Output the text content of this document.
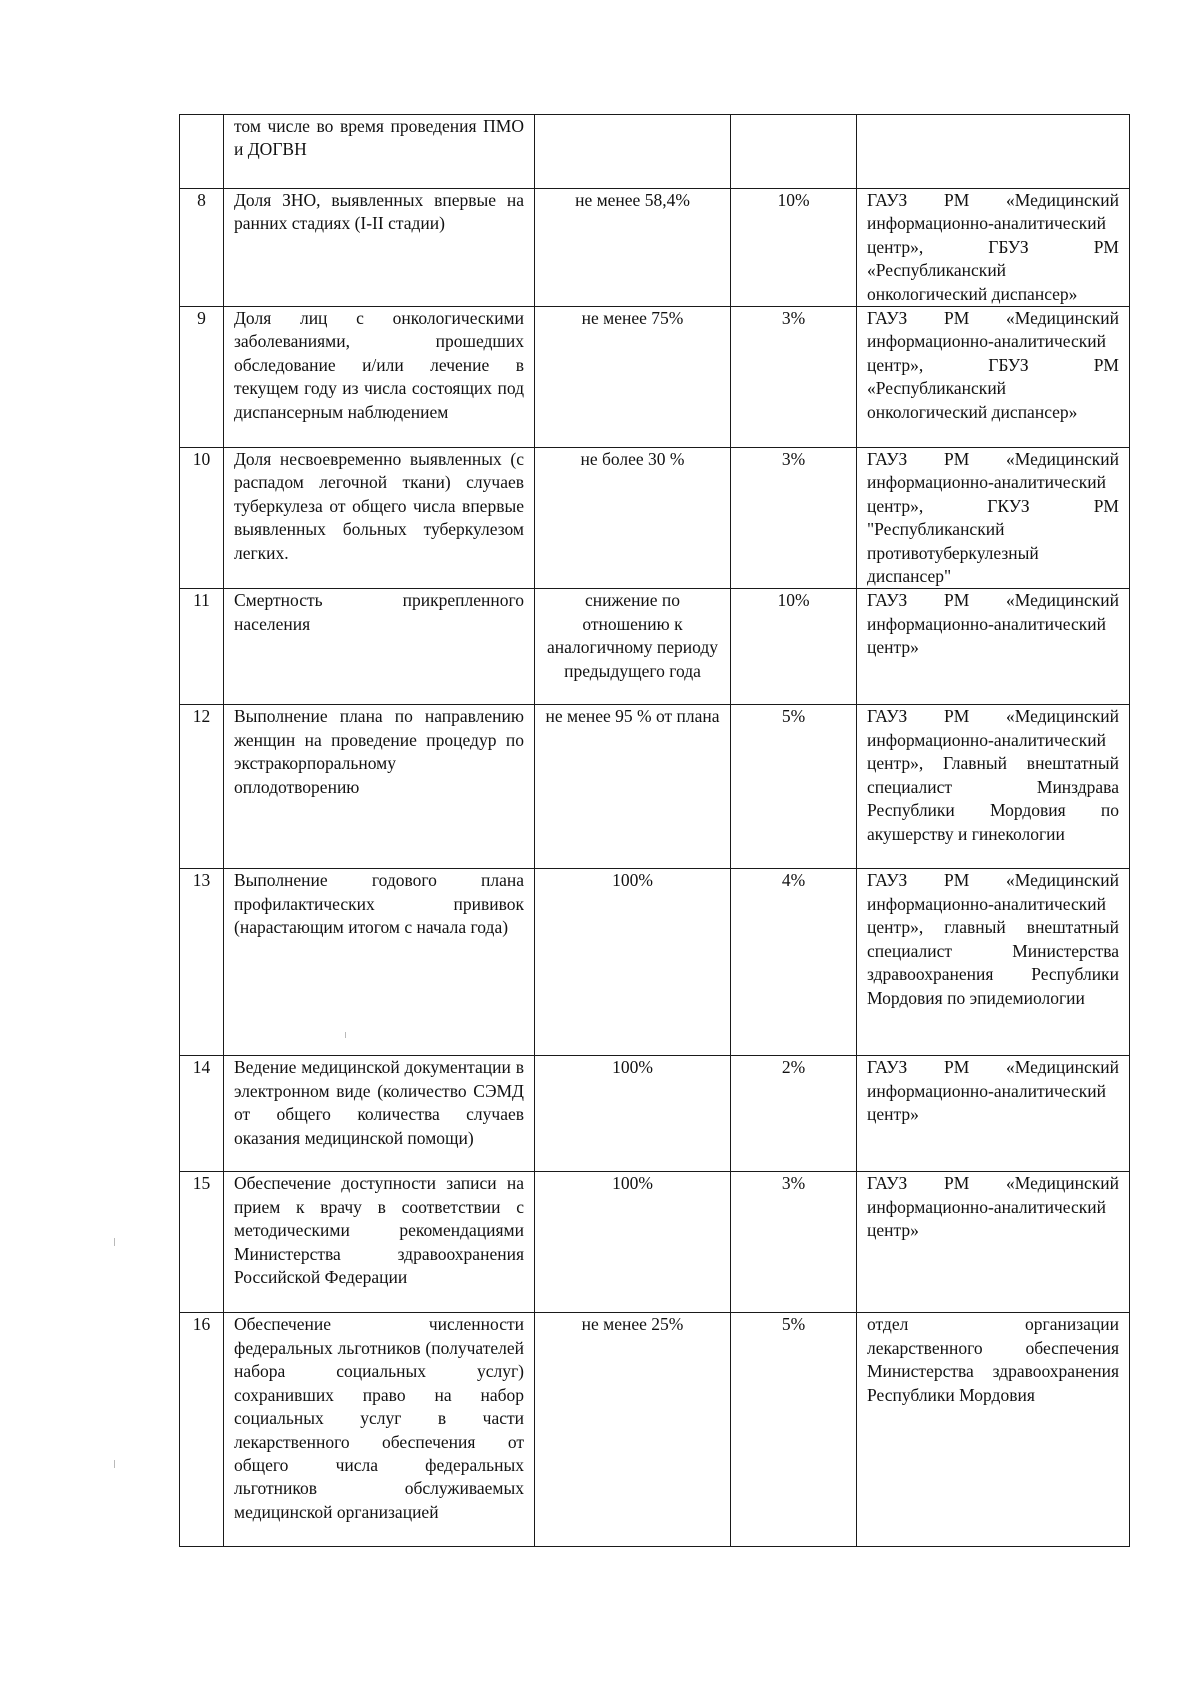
	том числе во время проведения ПМО и ДОГВН			
8	Доля ЗНО, выявленных впервые на ранних стадиях (I-II стадии)	не менее 58,4%	10%	ГАУЗ РМ «Медицинский информационно-аналитический центр», ГБУЗ РМ «Республиканский онкологический диспансер»
9	Доля лиц с онкологическими заболеваниями, прошедших обследование и/или лечение в текущем году из числа состоящих под диспансерным наблюдением	не менее 75%	3%	ГАУЗ РМ «Медицинский информационно-аналитический центр», ГБУЗ РМ «Республиканский онкологический диспансер»
10	Доля несвоевременно выявленных (с распадом легочной ткани) случаев туберкулеза от общего числа впервые выявленных больных туберкулезом легких.	не более 30 %	3%	ГАУЗ РМ «Медицинский информационно-аналитический центр», ГКУЗ РМ "Республиканский противотуберкулезный диспансер"
11	Смертность прикрепленного населения	снижение по отношению к аналогичному периоду предыдущего года	10%	ГАУЗ РМ «Медицинский информационно-аналитический центр»
12	Выполнение плана по направлению женщин на проведение процедур по экстракорпоральному оплодотворению	не менее 95 % от плана	5%	ГАУЗ РМ «Медицинский информационно-аналитический центр», Главный внештатный специалист Минздрава Республики Мордовия по акушерству и гинекологии
13	Выполнение годового плана профилактических прививок (нарастающим итогом с начала года)	100%	4%	ГАУЗ РМ «Медицинский информационно-аналитический центр», главный внештатный специалист Министерства здравоохранения Республики Мордовия по эпидемиологии
14	Ведение медицинской документации в электронном виде (количество СЭМД от общего количества случаев оказания медицинской помощи)	100%	2%	ГАУЗ РМ «Медицинский информационно-аналитический центр»
15	Обеспечение доступности записи на прием к врачу в соответствии с методическими рекомендациями Министерства здравоохранения Российской Федерации	100%	3%	ГАУЗ РМ «Медицинский информационно-аналитический центр»
16	Обеспечение численности федеральных льготников (получателей набора социальных услуг) сохранивших право на набор социальных услуг в части лекарственного обеспечения от общего числа федеральных льготников обслуживаемых медицинской организацией	не менее 25%	5%	отдел организации лекарственного обеспечения Министерства здравоохранения Республики Мордовия
